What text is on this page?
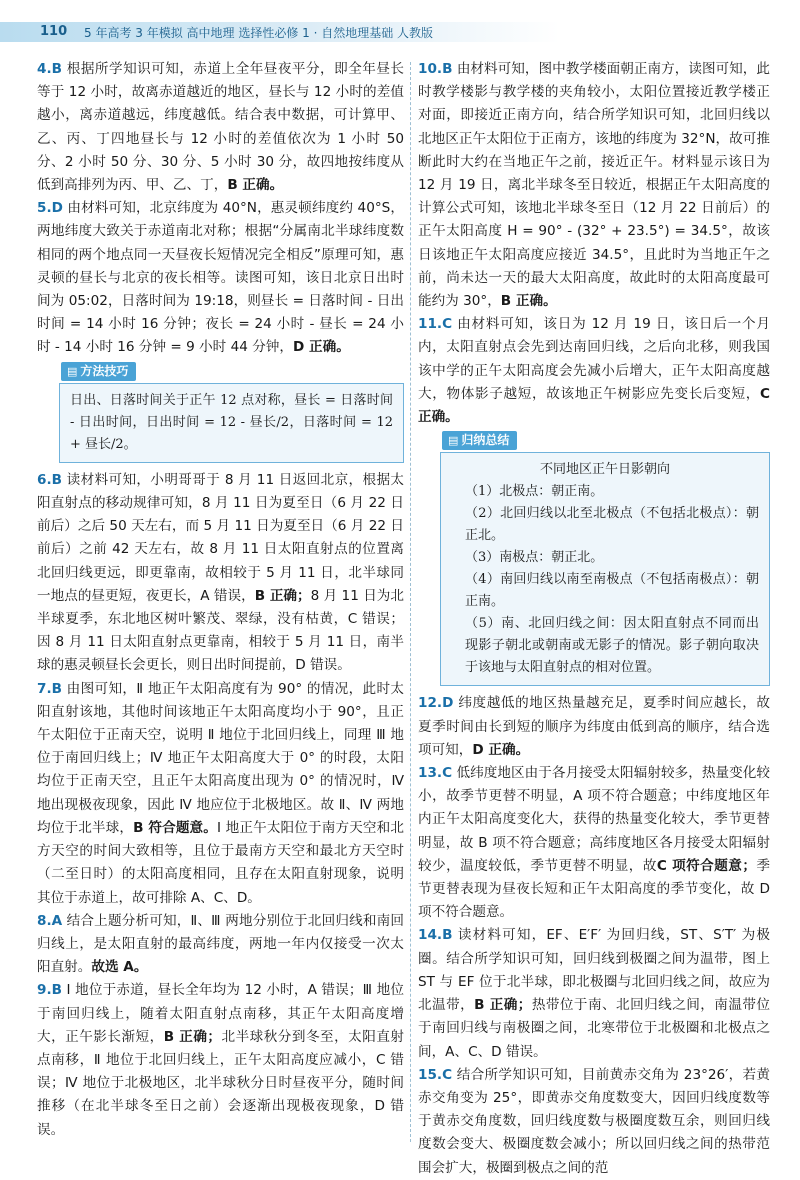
110 5 年高考 3 年模拟 高中地理 选择性必修 1 · 自然地理基础 人教版
4.B 根据所学知识可知，赤道上全年昼夜平分，即全年昼长等于 12 小时，故离赤道越近的地区，昼长与 12 小时的差值越小，离赤道越远，纬度越低。结合表中数据，可计算甲、乙、丙、丁四地昼长与 12 小时的差值依次为 1 小时 50 分、2 小时 50 分、30 分、5 小时 30 分，故四地按纬度从低到高排列为丙、甲、乙、丁，B 正确。
5.D 由材料可知，北京纬度为 40°N，惠灵顿纬度约 40°S，两地纬度大致关于赤道南北对称；根据“分属南北半球纬度数相同的两个地点同一天昼夜长短情况完全相反”原理可知，惠灵顿的昼长与北京的夜长相等。读图可知，该日北京日出时间为 05:02，日落时间为 19:18，则昼长 = 日落时间 - 日出时间 = 14 小时 16 分钟；夜长 = 24 小时 - 昼长 = 24 小时 - 14 小时 16 分钟 = 9 小时 44 分钟，D 正确。
▤ 方法技巧
日出、日落时间关于正午 12 点对称，昼长 = 日落时间 - 日出时间，日出时间 = 12 - 昼长/2，日落时间 = 12 + 昼长/2。
6.B 读材料可知，小明哥哥于 8 月 11 日返回北京，根据太阳直射点的移动规律可知，8 月 11 日为夏至日（6 月 22 日前后）之后 50 天左右，而 5 月 11 日为夏至日（6 月 22 日前后）之前 42 天左右，故 8 月 11 日太阳直射点的位置离北回归线更远，即更靠南，故相较于 5 月 11 日，北半球同一地点的昼更短，夜更长，A 错误，B 正确；8 月 11 日为北半球夏季，东北地区树叶繁茂、翠绿，没有枯黄，C 错误；因 8 月 11 日太阳直射点更靠南，相较于 5 月 11 日，南半球的惠灵顿昼长会更长，则日出时间提前，D 错误。
7.B 由图可知，Ⅱ 地正午太阳高度有为 90° 的情况，此时太阳直射该地，其他时间该地正午太阳高度均小于 90°，且正午太阳位于正南天空，说明 Ⅱ 地位于北回归线上，同理 Ⅲ 地位于南回归线上；Ⅳ 地正午太阳高度大于 0° 的时段，太阳均位于正南天空，且正午太阳高度出现为 0° 的情况时，Ⅳ 地出现极夜现象，因此 Ⅳ 地应位于北极地区。故 Ⅱ、Ⅳ 两地均位于北半球，B 符合题意。Ⅰ 地正午太阳位于南方天空和北方天空的时间大致相等，且位于最南方天空和最北方天空时（二至日时）的太阳高度相同，且存在太阳直射现象，说明其位于赤道上，故可排除 A、C、D。
8.A 结合上题分析可知，Ⅱ、Ⅲ 两地分别位于北回归线和南回归线上，是太阳直射的最高纬度，两地一年内仅接受一次太阳直射。故选 A。
9.B Ⅰ 地位于赤道，昼长全年均为 12 小时，A 错误；Ⅲ 地位于南回归线上，随着太阳直射点南移，其正午太阳高度增大，正午影长渐短，B 正确；北半球秋分到冬至，太阳直射点南移，Ⅱ 地位于北回归线上，正午太阳高度应减小，C 错误；Ⅳ 地位于北极地区，北半球秋分日时昼夜平分，随时间推移（在北半球冬至日之前）会逐渐出现极夜现象，D 错误。
10.B 由材料可知，图中教学楼面朝正南方，读图可知，此时教学楼影与教学楼的夹角较小，太阳位置接近教学楼正对面，即接近正南方向，结合所学知识可知，北回归线以北地区正午太阳位于正南方，该地的纬度为 32°N，故可推断此时大约在当地正午之前，接近正午。材料显示该日为 12 月 19 日，离北半球冬至日较近，根据正午太阳高度的计算公式可知，该地北半球冬至日（12 月 22 日前后）的正午太阳高度 H = 90° - (32° + 23.5°) = 34.5°，故该日该地正午太阳高度应接近 34.5°，且此时为当地正午之前，尚未达一天的最大太阳高度，故此时的太阳高度最可能约为 30°，B 正确。
11.C 由材料可知，该日为 12 月 19 日，该日后一个月内，太阳直射点会先到达南回归线，之后向北移，则我国该中学的正午太阳高度会先减小后增大，正午太阳高度越大，物体影子越短，故该地正午树影应先变长后变短，C 正确。
▤ 归纳总结
不同地区正午日影朝向
（1）北极点：朝正南。
（2）北回归线以北至北极点（不包括北极点）：朝正北。
（3）南极点：朝正北。
（4）南回归线以南至南极点（不包括南极点）：朝正南。
（5）南、北回归线之间：因太阳直射点不同而出现影子朝北或朝南或无影子的情况。影子朝向取决于该地与太阳直射点的相对位置。
12.D 纬度越低的地区热量越充足，夏季时间应越长，故夏季时间由长到短的顺序为纬度由低到高的顺序，结合选项可知，D 正确。
13.C 低纬度地区由于各月接受太阳辐射较多，热量变化较小，故季节更替不明显，A 项不符合题意；中纬度地区年内正午太阳高度变化大，获得的热量变化较大，季节更替明显，故 B 项不符合题意；高纬度地区各月接受太阳辐射较少，温度较低，季节更替不明显，故C 项符合题意；季节更替表现为昼夜长短和正午太阳高度的季节变化，故 D 项不符合题意。
14.B 读材料可知，EF、E′F′ 为回归线，ST、S′T′ 为极圈。结合所学知识可知，回归线到极圈之间为温带，图上 ST 与 EF 位于北半球，即北极圈与北回归线之间，故应为北温带，B 正确；热带位于南、北回归线之间，南温带位于南回归线与南极圈之间，北寒带位于北极圈和北极点之间，A、C、D 错误。
15.C 结合所学知识可知，目前黄赤交角为 23°26′，若黄赤交角变为 25°，即黄赤交角度数变大，因回归线度数等于黄赤交角度数，回归线度数与极圈度数互余，则回归线度数会变大、极圈度数会减小；所以回归线之间的热带范围会扩大，极圈到极点之间的范
